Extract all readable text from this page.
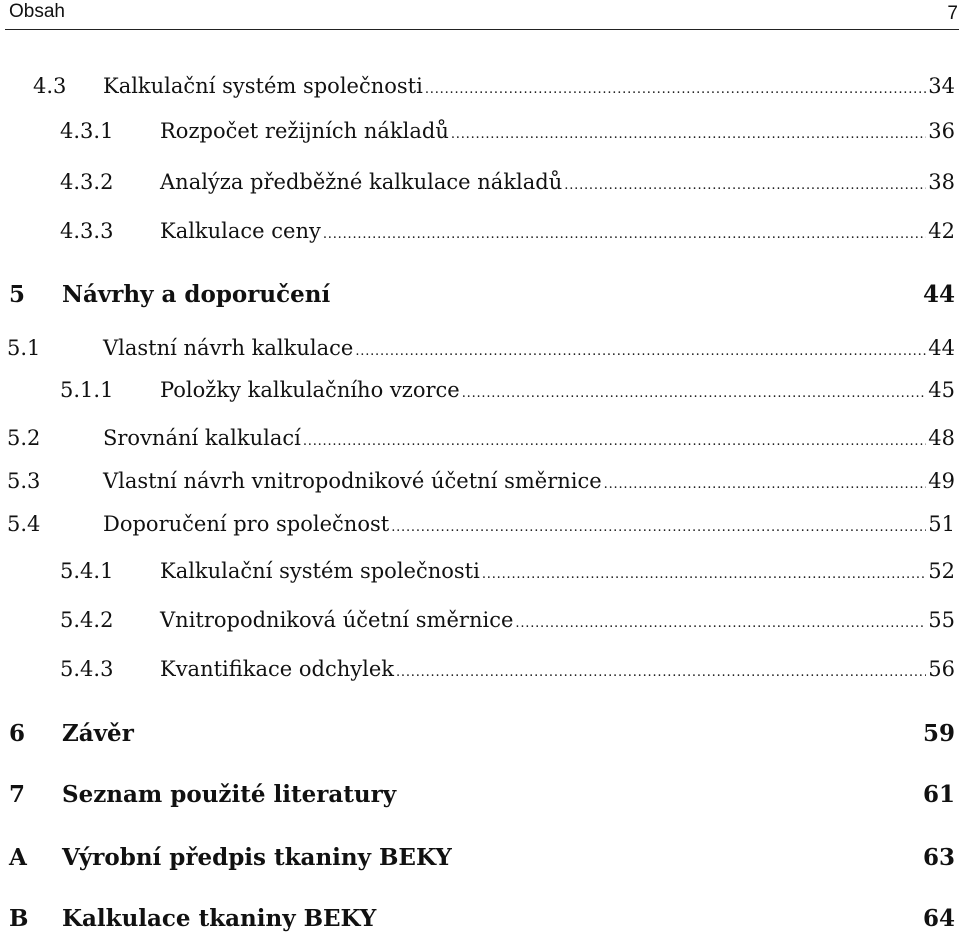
Obsah	7
4.3 Kalkulační systém společnosti .....	34
4.3.1 Rozpočet režijních nákladů .....	36
4.3.2 Analýza předběžné kalkulace nákladů .....	38
4.3.3 Kalkulace ceny .....	42
5 Návrhy a doporučení	44
5.1	Vlastní návrh kalkulace .....	44
5.1.1 Položky kalkulačního vzorce .....	45
5.2	Srovnání kalkulací .....	48
5.3	Vlastní návrh vnitropodnikové účetní směrnice .....	49
5.4	Doporučení pro společnost .....	51
5.4.1 Kalkulační systém společnosti .....	52
5.4.2 Vnitropodniková účetní směrnice .....	55
5.4.3 Kvantifikace odchylek .....	56
6 Závěr	59
7 Seznam použité literatury	61
A Výrobní předpis tkaniny BEKY	63
B Kalkulace tkaniny BEKY	64
